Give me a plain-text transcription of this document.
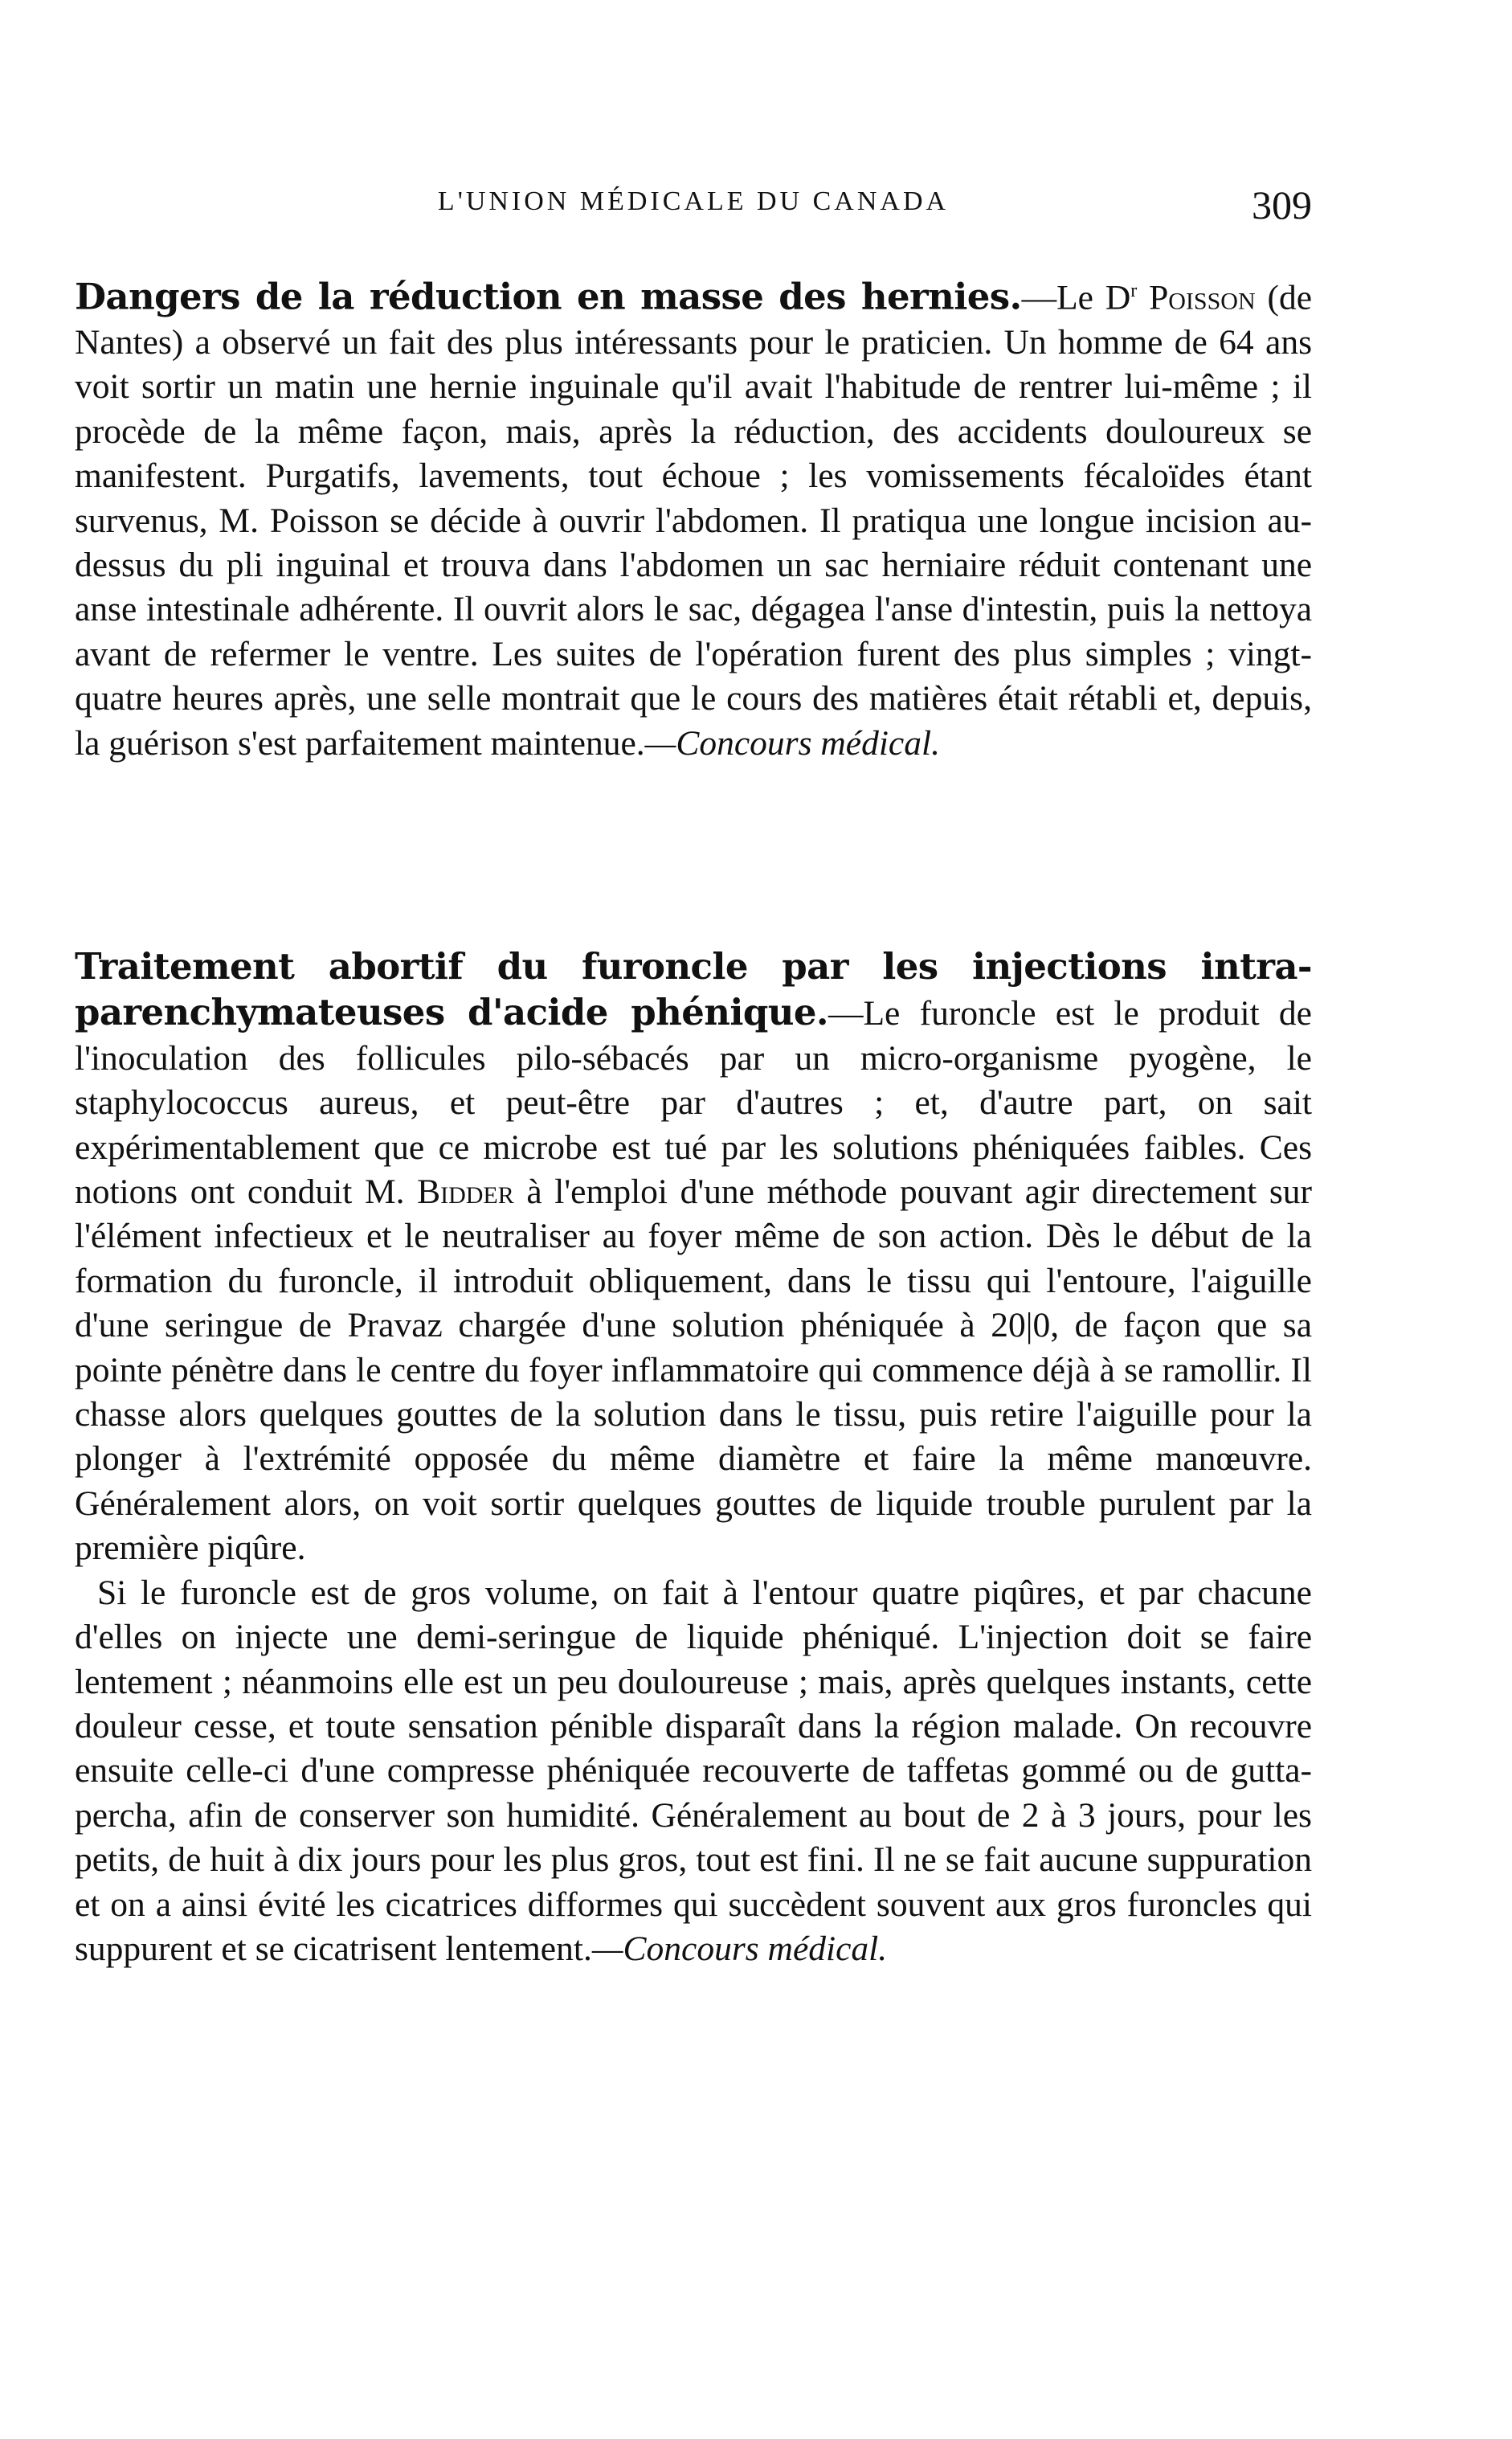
L'UNION MÉDICALE DU CANADA	309

Dangers de la réduction en masse des hernies.—Le $D^r$ Poisson (de Nantes) a observé un fait des plus intéressants pour le praticien. Un homme de 64 ans voit sortir un matin une hernie inguinale qu'il avait l'habitude de rentrer lui-même ; il procède de la même façon, mais, après la réduction, des accidents douloureux se manifestent. Purgatifs, lavements, tout échoue ; les vomissements fécaloïdes étant survenus, M. Poisson se décide à ouvrir l'abdomen. Il pratiqua une longue incision au-dessus du pli inguinal et trouva dans l'abdomen un sac herniaire réduit contenant une anse intestinale adhérente. Il ouvrit alors le sac, dégagea l'anse d'intestin, puis la nettoya avant de refermer le ventre. Les suites de l'opération furent des plus simples ; vingt-quatre heures après, une selle montrait que le cours des matières était rétabli et, depuis, la guérison s'est parfaitement maintenue.—Concours médical.

Traitement abortif du furoncle par les injections intra-parenchymateuses d'acide phénique.—Le furoncle est le produit de l'inoculation des follicules pilo-sébacés par un micro-organisme pyogène, le staphylococcus aureus, et peut-être par d'autres ; et, d'autre part, on sait expérimentablement que ce microbe est tué par les solutions phéniquées faibles. Ces notions ont conduit M. Bidder à l'emploi d'une méthode pouvant agir directement sur l'élément infectieux et le neutraliser au foyer même de son action. Dès le début de la formation du furoncle, il introduit obliquement, dans le tissu qui l'entoure, l'aiguille d'une seringue de Pravaz chargée d'une solution phéniquée à 20|0, de façon que sa pointe pénètre dans le centre du foyer inflammatoire qui commence déjà à se ramollir. Il chasse alors quelques gouttes de la solution dans le tissu, puis retire l'aiguille pour la plonger à l'extrémité opposée du même diamètre et faire la même manœuvre. Généralement alors, on voit sortir quelques gouttes de liquide trouble purulent par la première piqûre.

Si le furoncle est de gros volume, on fait à l'entour quatre piqûres, et par chacune d'elles on injecte une demi-seringue de liquide phéniqué. L'injection doit se faire lentement ; néanmoins elle est un peu douloureuse ; mais, après quelques instants, cette douleur cesse, et toute sensation pénible disparaît dans la région malade. On recouvre ensuite celle-ci d'une compresse phéniquée recouverte de taffetas gommé ou de gutta-percha, afin de conserver son humidité. Généralement au bout de 2 à 3 jours, pour les petits, de huit à dix jours pour les plus gros, tout est fini. Il ne se fait aucune suppuration et on a ainsi évité les cicatrices difformes qui succèdent souvent aux gros furoncles qui suppurent et se cicatrisent lentement.—Concours médical.
